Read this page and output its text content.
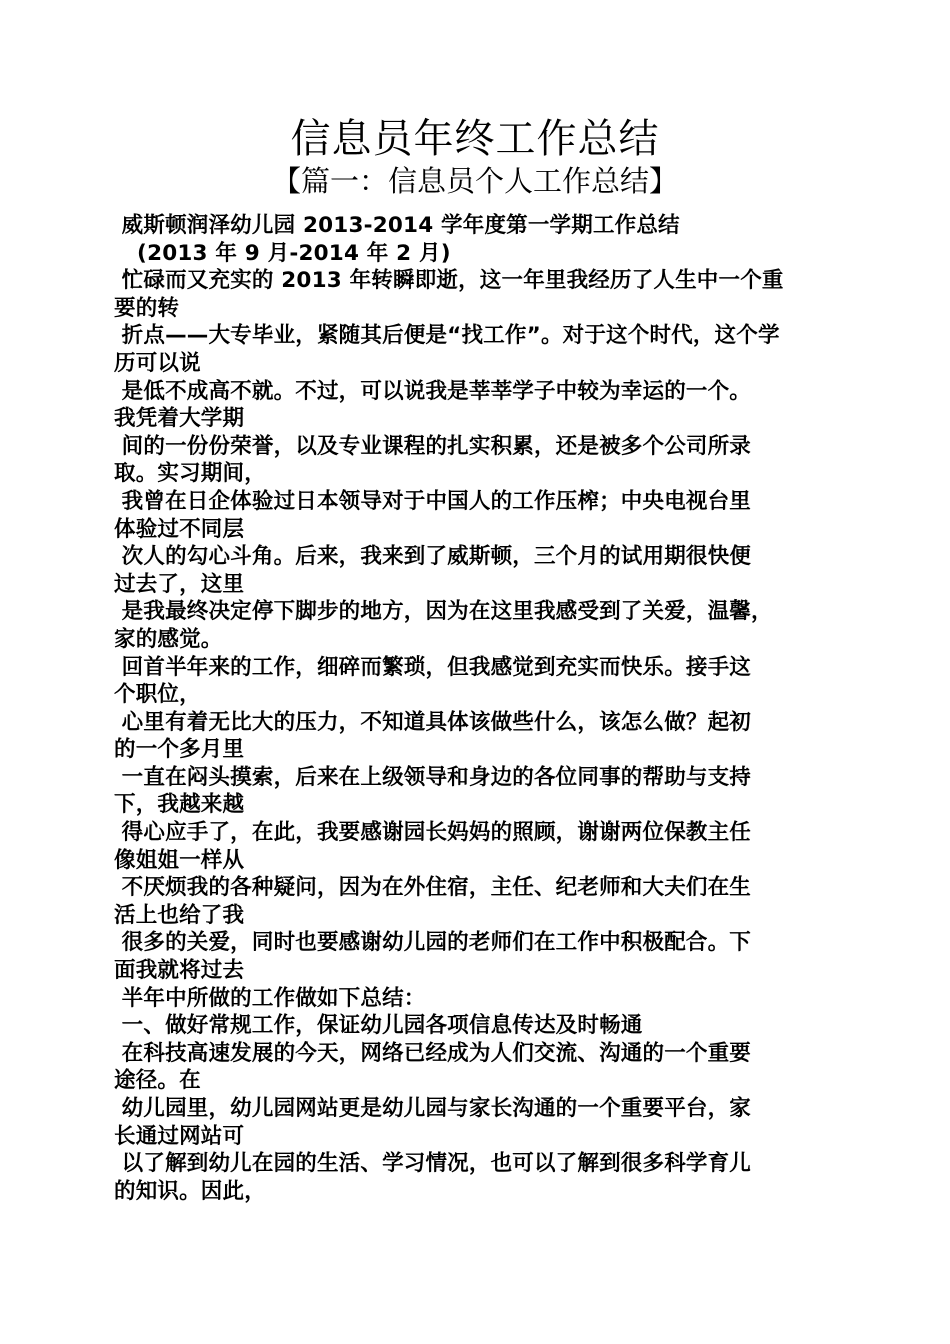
信息员年终工作总结
【篇一：信息员个人工作总结】
威斯顿润泽幼儿园 2013-2014 学年度第一学期工作总结
(2013 年 9 月-2014 年 2 月)
忙碌而又充实的 2013 年转瞬即逝，这一年里我经历了人生中一个重
要的转
折点——大专毕业，紧随其后便是“找工作”。对于这个时代，这个学
历可以说
是低不成高不就。不过，可以说我是莘莘学子中较为幸运的一个。
我凭着大学期
间的一份份荣誉，以及专业课程的扎实积累，还是被多个公司所录
取。实习期间，
我曾在日企体验过日本领导对于中国人的工作压榨；中央电视台里
体验过不同层
次人的勾心斗角。后来，我来到了威斯顿，三个月的试用期很快便
过去了，这里
是我最终决定停下脚步的地方，因为在这里我感受到了关爱，温馨，
家的感觉。
回首半年来的工作，细碎而繁琐，但我感觉到充实而快乐。接手这
个职位，
心里有着无比大的压力，不知道具体该做些什么，该怎么做？起初
的一个多月里
一直在闷头摸索，后来在上级领导和身边的各位同事的帮助与支持
下，我越来越
得心应手了，在此，我要感谢园长妈妈的照顾，谢谢两位保教主任
像姐姐一样从
不厌烦我的各种疑问，因为在外住宿，主任、纪老师和大夫们在生
活上也给了我
很多的关爱，同时也要感谢幼儿园的老师们在工作中积极配合。下
面我就将过去
半年中所做的工作做如下总结：
一、做好常规工作，保证幼儿园各项信息传达及时畅通
在科技高速发展的今天，网络已经成为人们交流、沟通的一个重要
途径。在
幼儿园里，幼儿园网站更是幼儿园与家长沟通的一个重要平台，家
长通过网站可
以了解到幼儿在园的生活、学习情况，也可以了解到很多科学育儿
的知识。因此，
